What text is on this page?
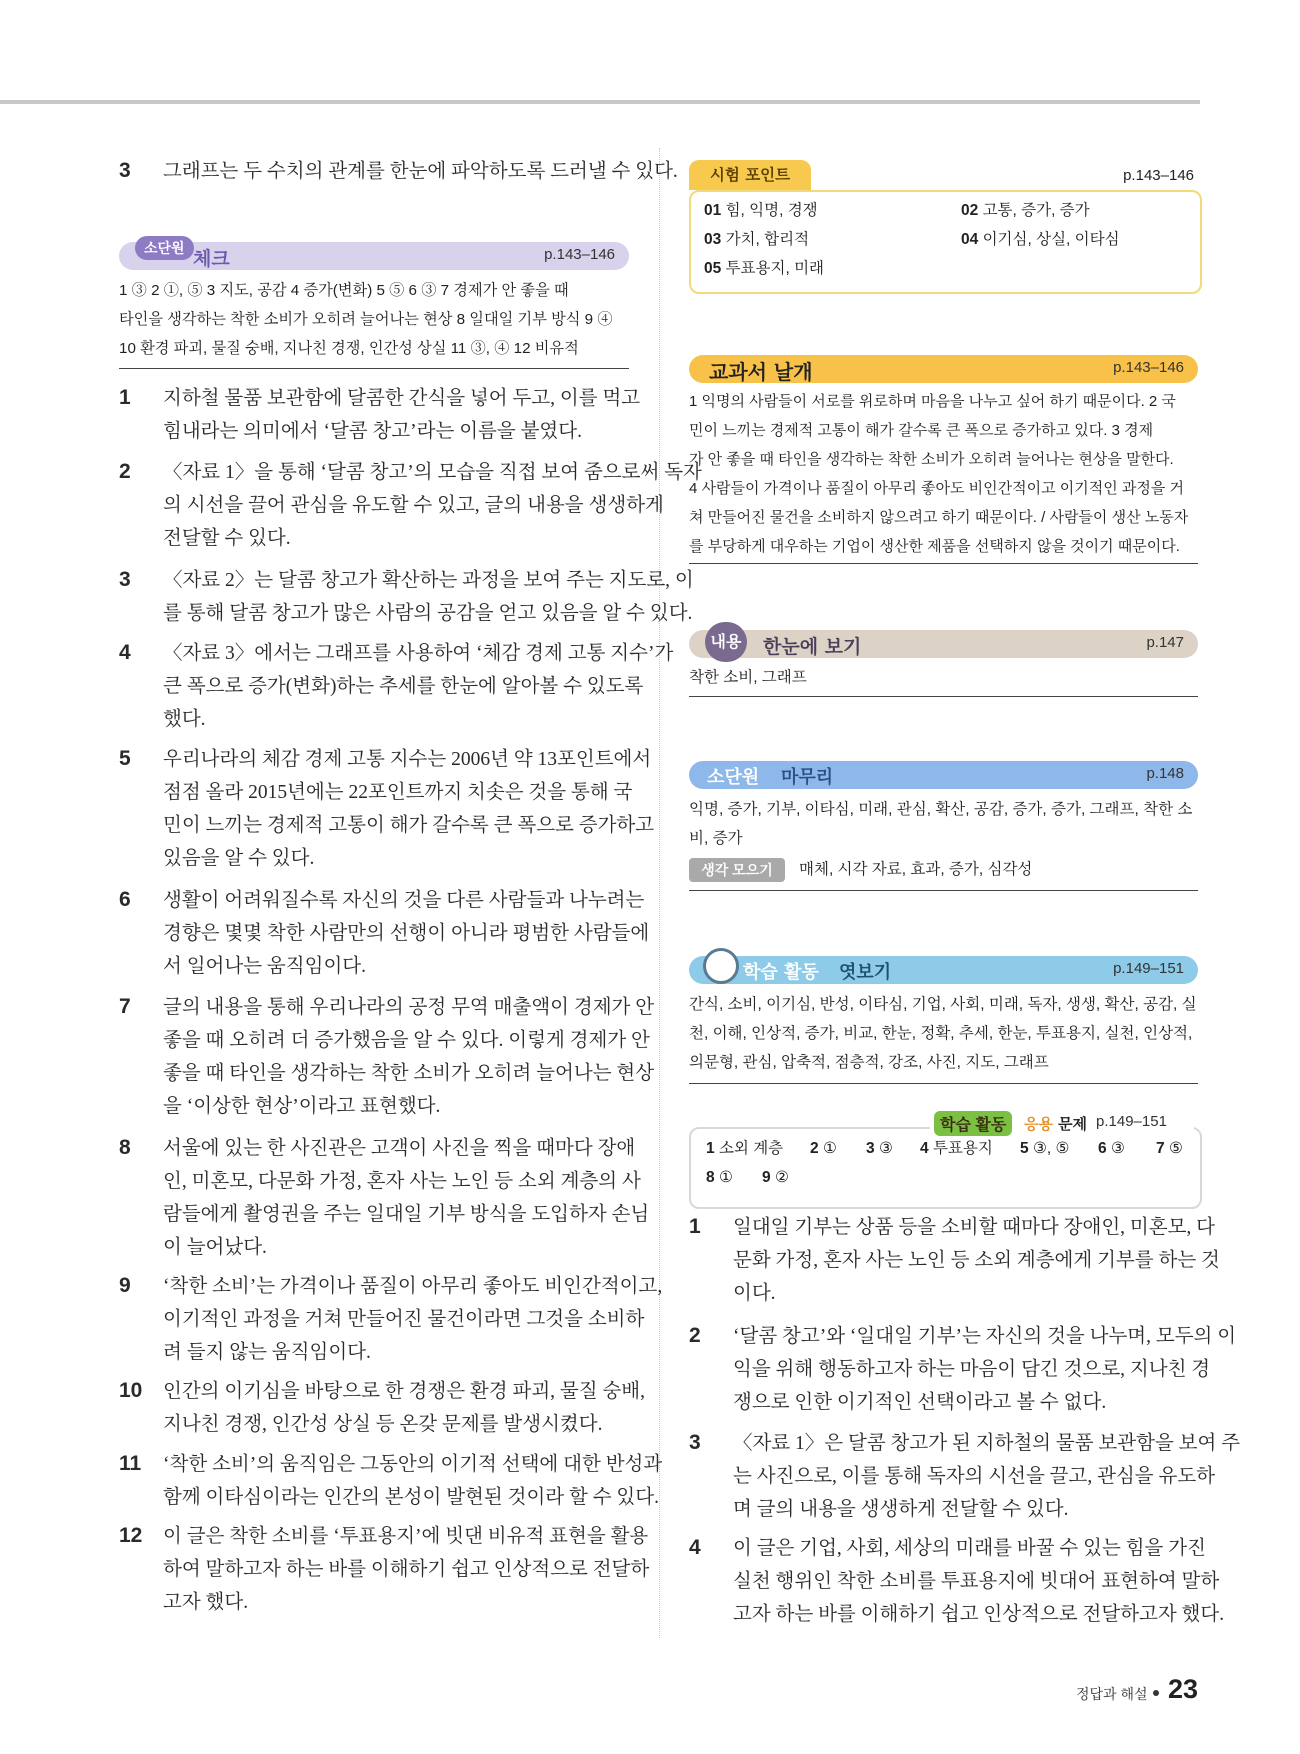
3 그래프는 두 수치의 관계를 한눈에 파악하도록 드러낼 수 있다.
소단원 체크	p.143–146
1 ③ 2 ①, ⑤ 3 지도, 공감 4 증가(변화) 5 ⑤ 6 ③ 7 경제가 안 좋을 때
타인을 생각하는 착한 소비가 오히려 늘어나는 현상 8 일대일 기부 방식 9 ④
10 환경 파괴, 물질 숭배, 지나친 경쟁, 인간성 상실 11 ③, ④ 12 비유적
1 지하철 물품 보관함에 달콤한 간식을 넣어 두고, 이를 먹고
힘내라는 의미에서 ‘달콤 창고’라는 이름을 붙였다.
2 〈자료 1〉을 통해 ‘달콤 창고’의 모습을 직접 보여 줌으로써 독자
의 시선을 끌어 관심을 유도할 수 있고, 글의 내용을 생생하게
전달할 수 있다.
3 〈자료 2〉는 달콤 창고가 확산하는 과정을 보여 주는 지도로, 이
를 통해 달콤 창고가 많은 사람의 공감을 얻고 있음을 알 수 있다.
4 〈자료 3〉에서는 그래프를 사용하여 ‘체감 경제 고통 지수’가
큰 폭으로 증가(변화)하는 추세를 한눈에 알아볼 수 있도록
했다.
5 우리나라의 체감 경제 고통 지수는 2006년 약 13포인트에서
점점 올라 2015년에는 22포인트까지 치솟은 것을 통해 국
민이 느끼는 경제적 고통이 해가 갈수록 큰 폭으로 증가하고
있음을 알 수 있다.
6 생활이 어려워질수록 자신의 것을 다른 사람들과 나누려는
경향은 몇몇 착한 사람만의 선행이 아니라 평범한 사람들에
서 일어나는 움직임이다.
7 글의 내용을 통해 우리나라의 공정 무역 매출액이 경제가 안
좋을 때 오히려 더 증가했음을 알 수 있다. 이렇게 경제가 안
좋을 때 타인을 생각하는 착한 소비가 오히려 늘어나는 현상
을 ‘이상한 현상’이라고 표현했다.
8 서울에 있는 한 사진관은 고객이 사진을 찍을 때마다 장애
인, 미혼모, 다문화 가정, 혼자 사는 노인 등 소외 계층의 사
람들에게 촬영권을 주는 일대일 기부 방식을 도입하자 손님
이 늘어났다.
9 ‘착한 소비’는 가격이나 품질이 아무리 좋아도 비인간적이고,
이기적인 과정을 거쳐 만들어진 물건이라면 그것을 소비하
려 들지 않는 움직임이다.
10 인간의 이기심을 바탕으로 한 경쟁은 환경 파괴, 물질 숭배,
지나친 경쟁, 인간성 상실 등 온갖 문제를 발생시켰다.
11 ‘착한 소비’의 움직임은 그동안의 이기적 선택에 대한 반성과
함께 이타심이라는 인간의 본성이 발현된 것이라 할 수 있다.
12 이 글은 착한 소비를 ‘투표용지’에 빗댄 비유적 표현을 활용
하여 말하고자 하는 바를 이해하기 쉽고 인상적으로 전달하
고자 했다.
시험 포인트	p.143–146
01 힘, 익명, 경쟁	02 고통, 증가, 증가
03 가치, 합리적	04 이기심, 상실, 이타심
05 투표용지, 미래
교과서 날개	p.143–146
1 익명의 사람들이 서로를 위로하며 마음을 나누고 싶어 하기 때문이다. 2 국
민이 느끼는 경제적 고통이 해가 갈수록 큰 폭으로 증가하고 있다. 3 경제
가 안 좋을 때 타인을 생각하는 착한 소비가 오히려 늘어나는 현상을 말한다.
4 사람들이 가격이나 품질이 아무리 좋아도 비인간적이고 이기적인 과정을 거
쳐 만들어진 물건을 소비하지 않으려고 하기 때문이다. / 사람들이 생산 노동자
를 부당하게 대우하는 기업이 생산한 제품을 선택하지 않을 것이기 때문이다.
내용 한눈에 보기	p.147
착한 소비, 그래프
소단원 마무리	p.148
익명, 증가, 기부, 이타심, 미래, 관심, 확산, 공감, 증가, 증가, 그래프, 착한 소
비, 증가
생각 모으기	매체, 시각 자료, 효과, 증가, 심각성
학습 활동 엿보기	p.149–151
간식, 소비, 이기심, 반성, 이타심, 기업, 사회, 미래, 독자, 생생, 확산, 공감, 실
천, 이해, 인상적, 증가, 비교, 한눈, 정확, 추세, 한눈, 투표용지, 실천, 인상적,
의문형, 관심, 압축적, 점층적, 강조, 사진, 지도, 그래프
학습 활동	응용 문제 p.149–151
1 소외 계층 2 ① 3 ③ 4 투표용지 5 ③, ⑤ 6 ③ 7 ⑤
8 ① 9 ②
1 일대일 기부는 상품 등을 소비할 때마다 장애인, 미혼모, 다
문화 가정, 혼자 사는 노인 등 소외 계층에게 기부를 하는 것
이다.
2 ‘달콤 창고’와 ‘일대일 기부’는 자신의 것을 나누며, 모두의 이
익을 위해 행동하고자 하는 마음이 담긴 것으로, 지나친 경
쟁으로 인한 이기적인 선택이라고 볼 수 없다.
3 〈자료 1〉은 달콤 창고가 된 지하철의 물품 보관함을 보여 주
는 사진으로, 이를 통해 독자의 시선을 끌고, 관심을 유도하
며 글의 내용을 생생하게 전달할 수 있다.
4 이 글은 기업, 사회, 세상의 미래를 바꿀 수 있는 힘을 가진
실천 행위인 착한 소비를 투표용지에 빗대어 표현하여 말하
고자 하는 바를 이해하기 쉽고 인상적으로 전달하고자 했다.
정답과 해설 23
